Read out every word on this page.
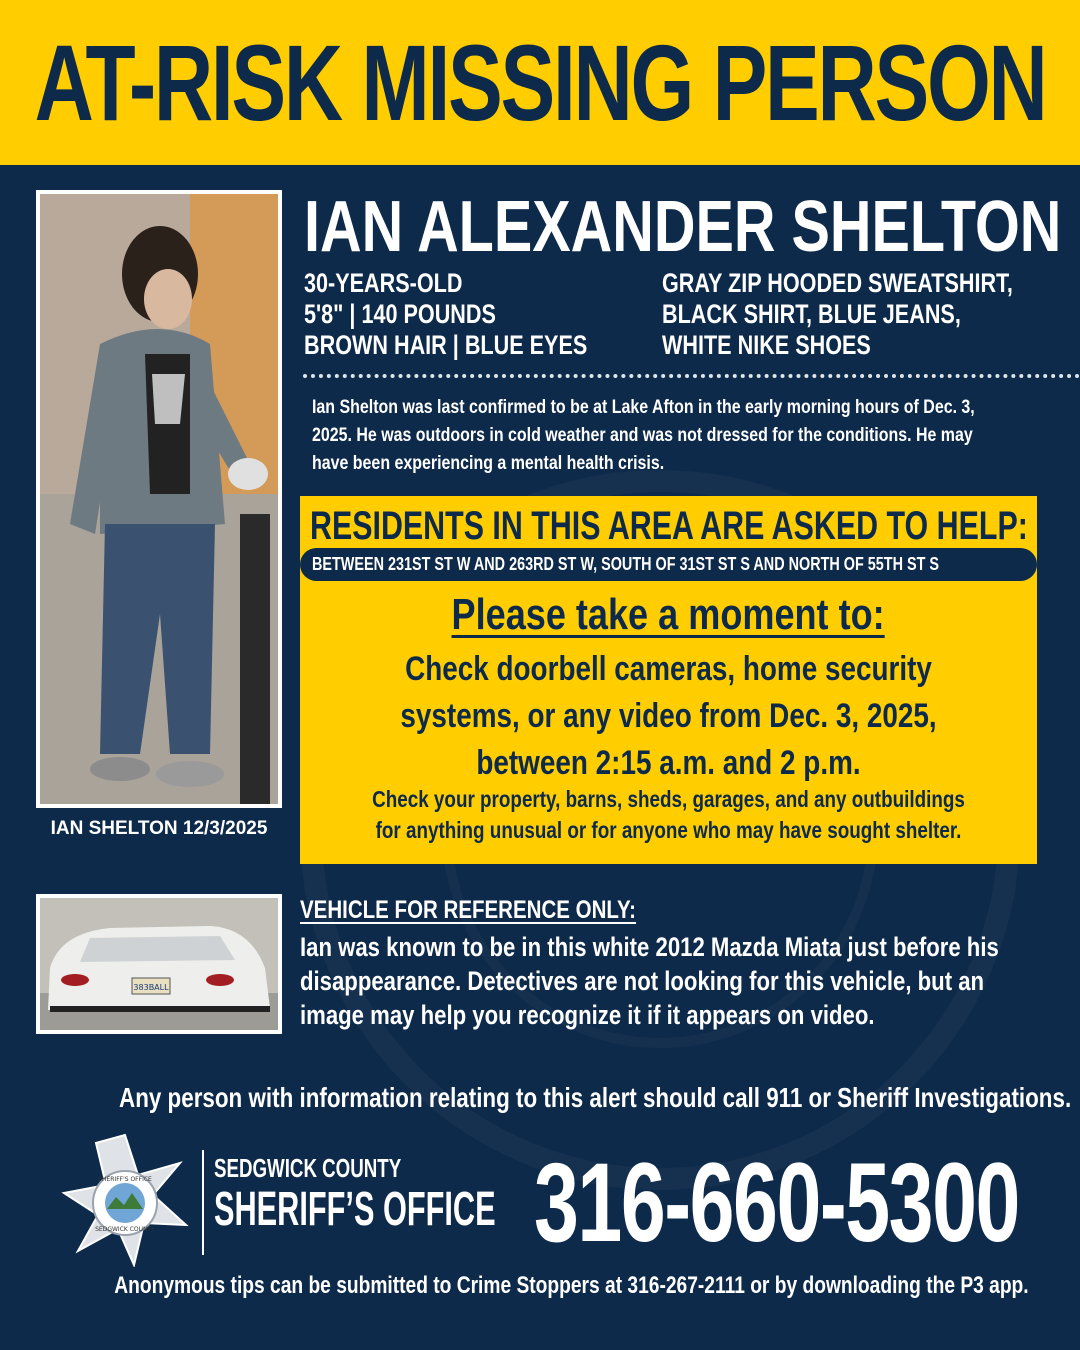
AT-RISK MISSING PERSON
IAN SHELTON 12/3/2025
IAN ALEXANDER SHELTON
30-YEARS-OLD
5'8" | 140 POUNDS
BROWN HAIR | BLUE EYES
GRAY ZIP HOODED SWEATSHIRT,
BLACK SHIRT, BLUE JEANS,
WHITE NIKE SHOES
Ian Shelton was last confirmed to be at Lake Afton in the early morning hours of Dec. 3,
2025. He was outdoors in cold weather and was not dressed for the conditions. He may
have been experiencing a mental health crisis.
RESIDENTS IN THIS AREA ARE ASKED TO HELP:
BETWEEN 231ST ST W AND 263RD ST W, SOUTH OF 31ST ST S AND NORTH OF 55TH ST S
Please take a moment to:
Check doorbell cameras, home security
systems, or any video from Dec. 3, 2025,
between 2:15 a.m. and 2 p.m.
Check your property, barns, sheds, garages, and any outbuildings
for anything unusual or for anyone who may have sought shelter.
383BALL
VEHICLE FOR REFERENCE ONLY:
Ian was known to be in this white 2012 Mazda Miata just before his
disappearance. Detectives are not looking for this vehicle, but an
image may help you recognize it if it appears on video.
Any person with information relating to this alert should call 911 or Sheriff Investigations.
SHERIFF'S OFFICE
SEDGWICK COUNTY
SEDGWICK COUNTY
SHERIFF’S OFFICE 316-660-5300
Anonymous tips can be submitted to Crime Stoppers at 316-267-2111 or by downloading the P3 app.
